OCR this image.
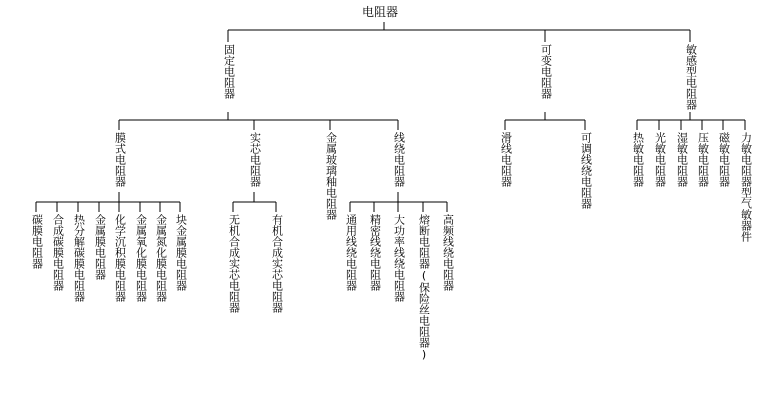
电阻器
固定电阻器	可变电阻器	敏感型电阻器
膜式电阻器	实芯电阻器	金属玻璃釉电阻器	线绕电阻器	滑线电阻器	可调线绕电阻器	热敏电阻器 光敏电阻器 湿敏电阻器 压敏电阻器 磁敏电阻器 力敏电阻器型气敏器件
碳膜电阻器 合成碳膜电阻器 热分解碳膜电阻器 金属膜电阻器 化学沉积膜电阻器 金属氧化膜电阻器 金属氮化膜电阻器 块金属膜电阻器	无机合成实芯电阻器	有机合成实芯电阻器	通用线绕电阻器 精密线绕电阻器 大功率线绕电阻器 熔断电阻器(保险丝电阻器) 高频线绕电阻器
